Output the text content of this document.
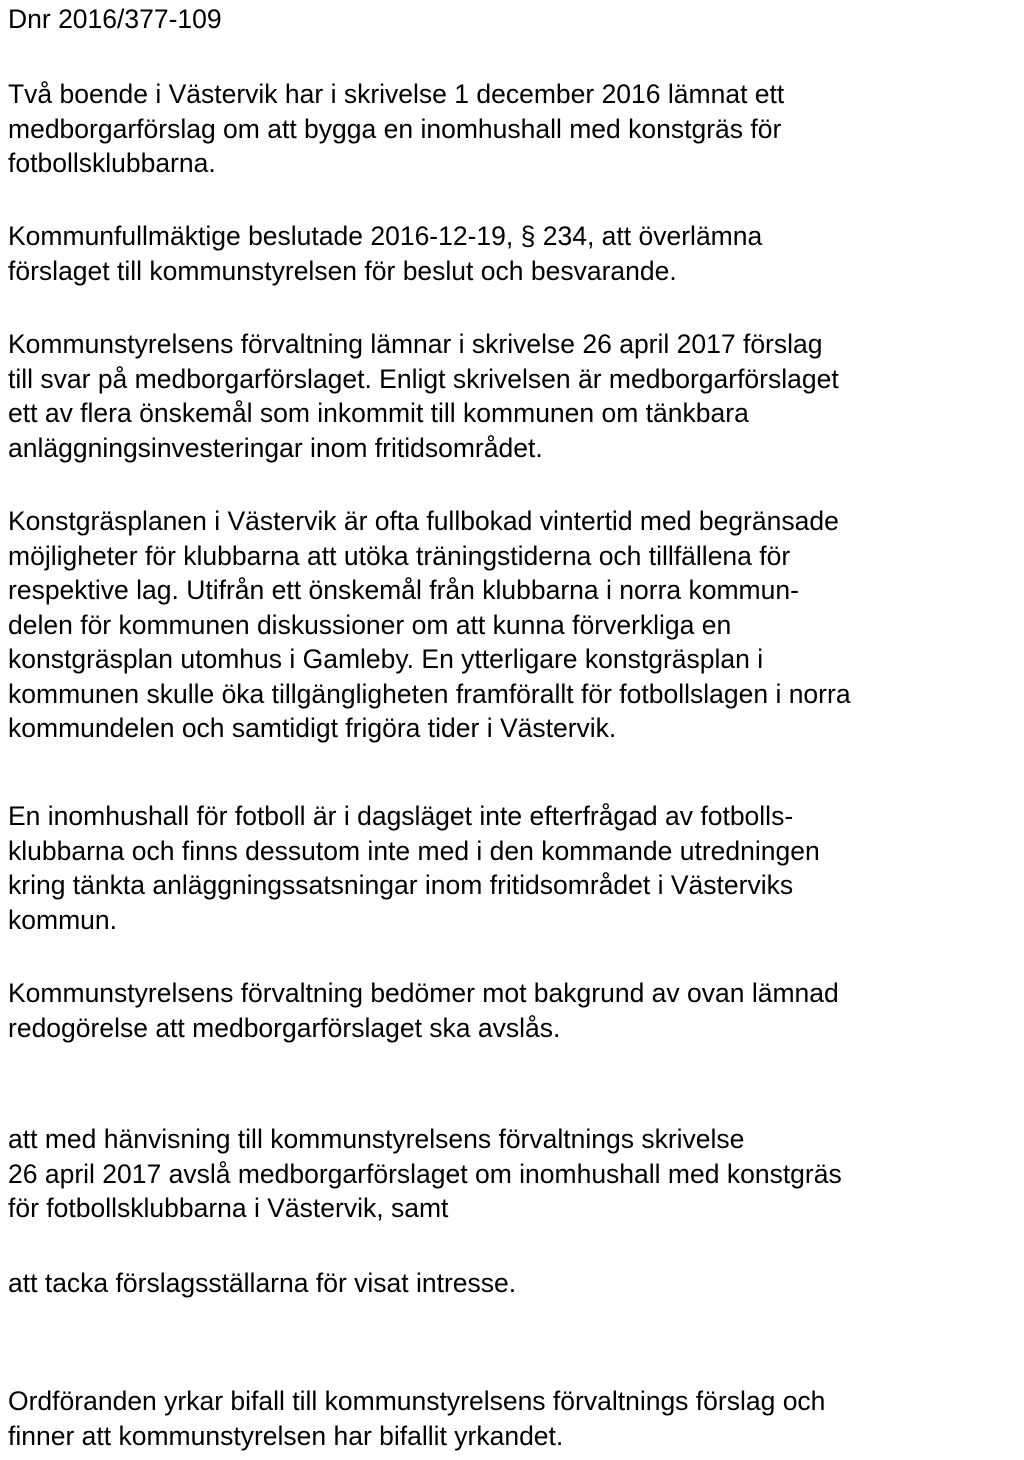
Dnr 2016/377-109
Två boende i Västervik har i skrivelse 1 december 2016 lämnat ett
medborgarförslag om att bygga en inomhushall med konstgräs för
fotbollsklubbarna.
Kommunfullmäktige beslutade 2016-12-19, § 234, att överlämna
förslaget till kommunstyrelsen för beslut och besvarande.
Kommunstyrelsens förvaltning lämnar i skrivelse 26 april 2017 förslag
till svar på medborgarförslaget. Enligt skrivelsen är medborgarförslaget
ett av flera önskemål som inkommit till kommunen om tänkbara
anläggningsinvesteringar inom fritidsområdet.
Konstgräsplanen i Västervik är ofta fullbokad vintertid med begränsade
möjligheter för klubbarna att utöka träningstiderna och tillfällena för
respektive lag. Utifrån ett önskemål från klubbarna i norra kommun-
delen för kommunen diskussioner om att kunna förverkliga en
konstgräsplan utomhus i Gamleby. En ytterligare konstgräsplan i
kommunen skulle öka tillgängligheten framförallt för fotbollslagen i norra
kommundelen och samtidigt frigöra tider i Västervik.
En inomhushall för fotboll är i dagsläget inte efterfrågad av fotbolls-
klubbarna och finns dessutom inte med i den kommande utredningen
kring tänkta anläggningssatsningar inom fritidsområdet i Västerviks
kommun.
Kommunstyrelsens förvaltning bedömer mot bakgrund av ovan lämnad
redogörelse att medborgarförslaget ska avslås.
att med hänvisning till kommunstyrelsens förvaltnings skrivelse
26 april 2017 avslå medborgarförslaget om inomhushall med konstgräs
för fotbollsklubbarna i Västervik, samt
att tacka förslagsställarna för visat intresse.
Ordföranden yrkar bifall till kommunstyrelsens förvaltnings förslag och
finner att kommunstyrelsen har bifallit yrkandet.
